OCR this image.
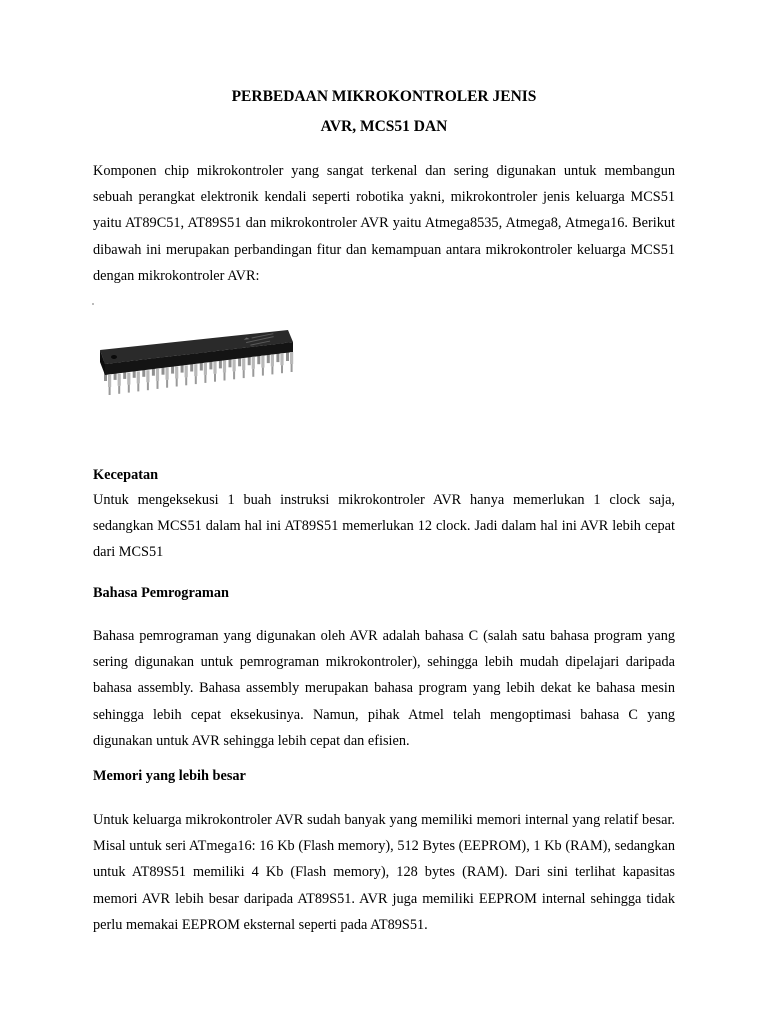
PERBEDAAN MIKROKONTROLER JENIS
AVR, MCS51 DAN
Komponen chip mikrokontroler yang sangat terkenal dan sering digunakan untuk membangun sebuah perangkat elektronik kendali seperti robotika yakni, mikrokontroler jenis keluarga MCS51 yaitu AT89C51, AT89S51 dan mikrokontroler AVR yaitu Atmega8535, Atmega8, Atmega16. Berikut dibawah ini merupakan perbandingan fitur dan kemampuan antara mikrokontroler keluarga MCS51 dengan mikrokontroler AVR:
Kecepatan
Untuk mengeksekusi 1 buah instruksi mikrokontroler AVR hanya memerlukan 1 clock saja, sedangkan MCS51 dalam hal ini AT89S51 memerlukan 12 clock. Jadi dalam hal ini AVR lebih cepat dari MCS51
Bahasa Pemrograman
Bahasa pemrograman yang digunakan oleh AVR adalah bahasa C (salah satu bahasa program yang sering digunakan untuk pemrograman mikrokontroler), sehingga lebih mudah dipelajari daripada bahasa assembly. Bahasa assembly merupakan bahasa program yang lebih dekat ke bahasa mesin sehingga lebih cepat eksekusinya. Namun, pihak Atmel telah mengoptimasi bahasa C yang digunakan untuk AVR sehingga lebih cepat dan efisien.
Memori yang lebih besar
Untuk keluarga mikrokontroler AVR sudah banyak yang memiliki memori internal yang relatif besar. Misal untuk seri ATmega16: 16 Kb (Flash memory), 512 Bytes (EEPROM), 1 Kb (RAM), sedangkan untuk AT89S51 memiliki 4 Kb (Flash memory), 128 bytes (RAM). Dari sini terlihat kapasitas memori AVR lebih besar daripada AT89S51. AVR juga memiliki EEPROM internal sehingga tidak perlu memakai EEPROM eksternal seperti pada AT89S51.
